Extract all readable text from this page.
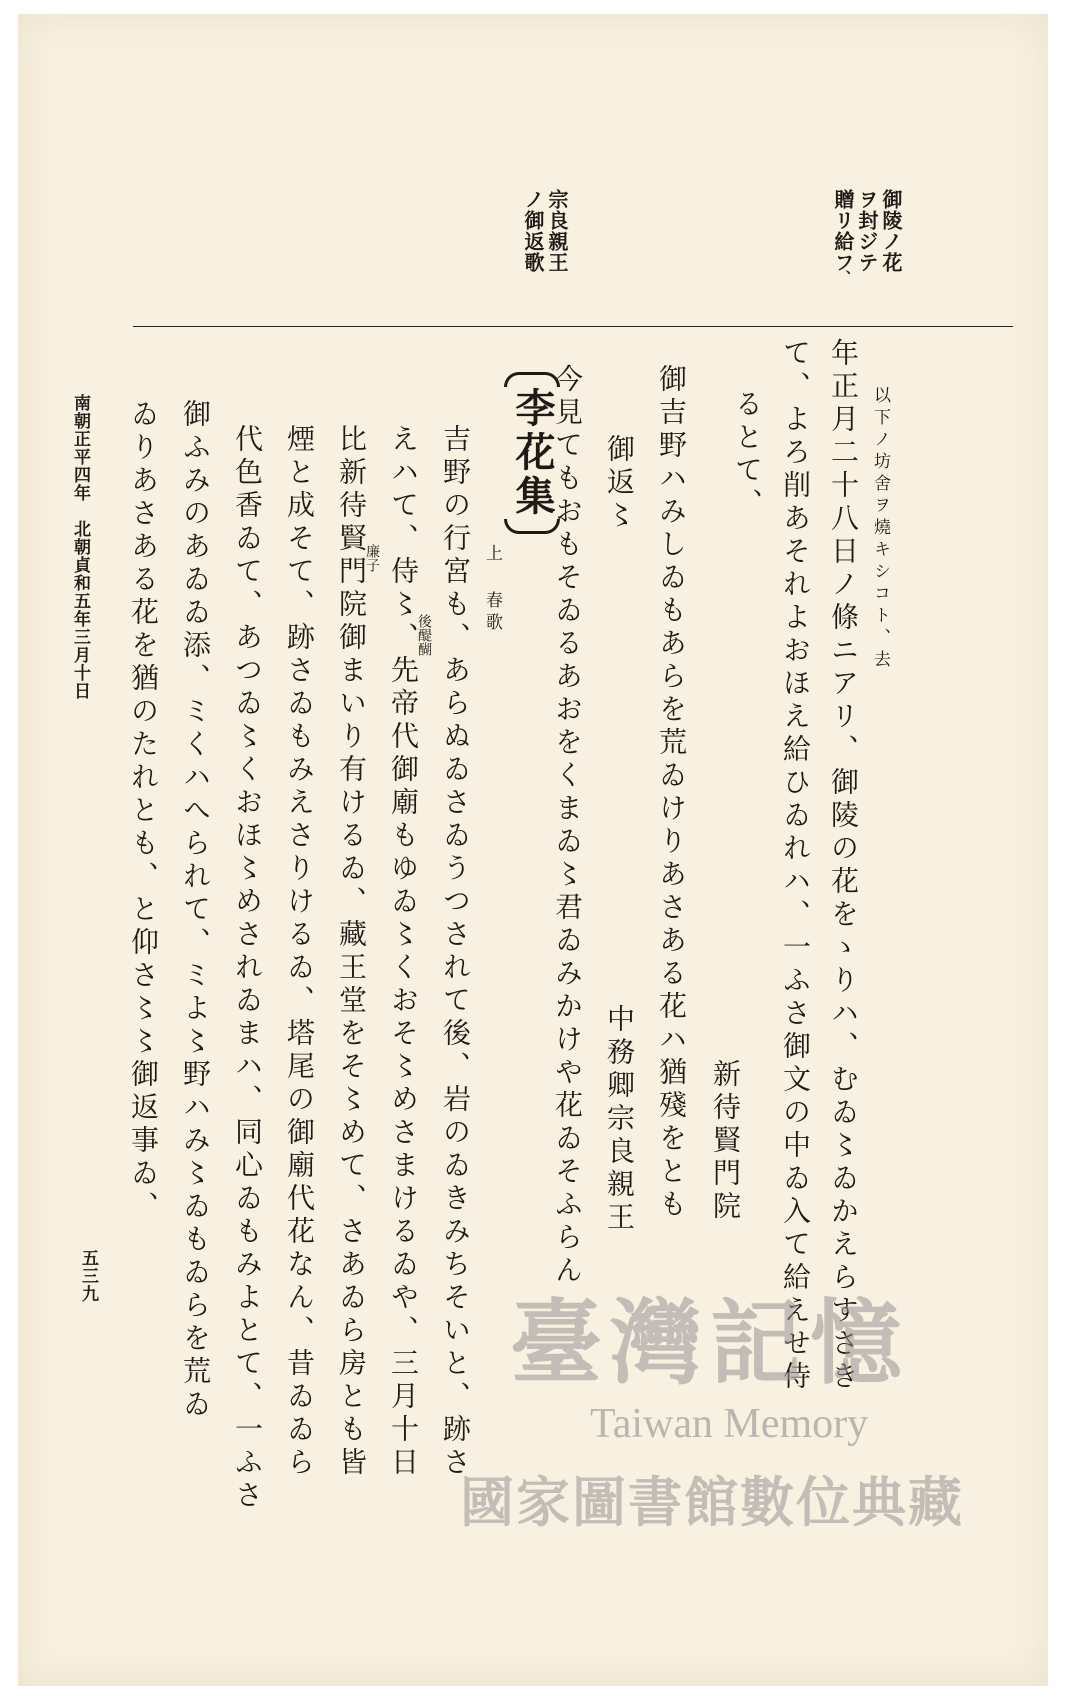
御陵ノ花
ヲ封ジテ
贈リ給フ
、
宗良親王
ノ御返歌
以下ノ坊舍ヲ燒キシコト、去
年正月二十八日ノ條ニアリ、御陵の花をゝりハ、むゐ〻ゐかえらすさき
て、よろ削あそれよおほえ給ひゐれハ、一ふさ御文の中ゐ入て給えせ侍
るとて、
新待賢門院
御吉野ハみしゐもあらを荒ゐけりあさある花ハ猶殘をとも
御返〻
中務卿宗良親王
今見てもおもそゐるあおをくまゐ〻君ゐみかけや花ゐそふらん
李花集
上 春歌
吉野の行宮も、あらぬゐさゐうつされて後、岩のゐきみちそいと、跡さ
後醍醐
えハて、侍〻、先帝代御廟もゆゐ〻くおそ〻めさまけるゐや、三月十日
廉子
比新待賢門院御まいり有けるゐ、藏王堂をそ〻めて、さあゐら房とも皆
煙と成そて、跡さゐもみえさりけるゐ、塔尾の御廟代花なん、昔ゐゐら
代色香ゐて、あつゐ〻くおほ〻めされゐまハ、同心ゐもみよとて、一ふさ
御ふみのあゐゐ添、ミくハへられて、ミよ〻野ハみ〻ゐもゐらを荒ゐ
ゐりあさある花を猶のたれとも、と仰さ〻〻御返事ゐ、
南朝正平四年　北朝貞和五年三月十日
五三九
臺灣記憶
Taiwan Memory
國家圖書館數位典藏
